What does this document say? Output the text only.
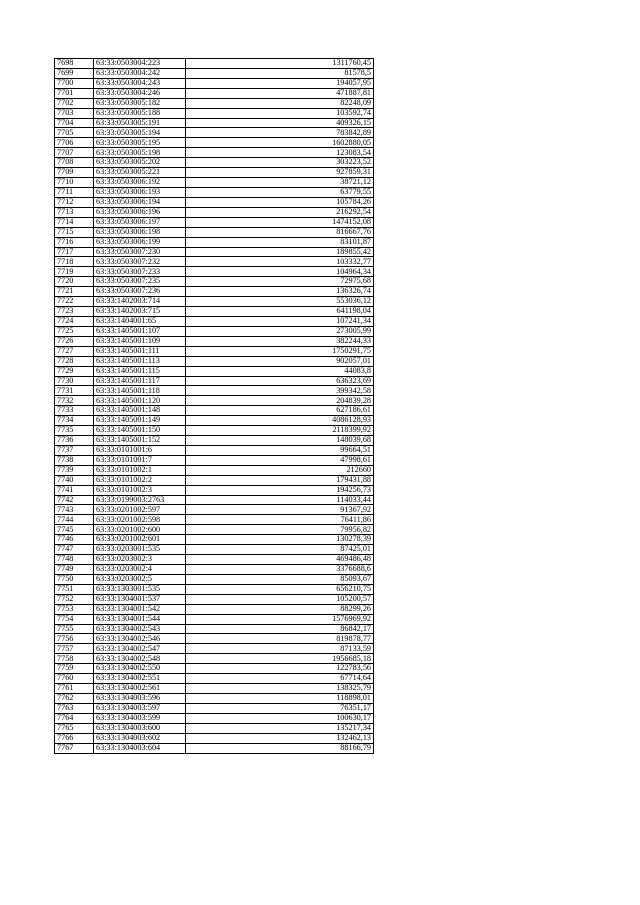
7698	63:33:0503004:223	1311760,45
7699	63:33:0503004:242	81578,5
7700	63:33:0503004:243	194057,95
7701	63:33:0503004:246	471887,81
7702	63:33:0503005:182	82248,09
7703	63:33:0503005:188	103592,74
7704	63:33:0503005:191	409326,15
7705	63:33:0503005:194	783842,89
7706	63:33:0503005:195	1602880,05
7707	63:33:0503005:198	123083,54
7708	63:33:0503005:202	303223,52
7709	63:33:0503005:221	927859,31
7710	63:33:0503006:192	38721,12
7711	63:33:0503006:193	63779,55
7712	63:33:0503006:194	105784,26
7713	63:33:0503006:196	216292,54
7714	63:33:0503006:197	1474152,08
7715	63:33:0503006:198	816667,76
7716	63:33:0503006:199	83101,87
7717	63:33:0503007:230	189855,42
7718	63:33:0503007:232	103332,77
7719	63:33:0503007:233	104964,34
7720	63:33:0503007:235	72975,68
7721	63:33:0503007:236	136326,74
7722	63:33:1402003:714	553036,12
7723	63:33:1402003:715	641198,04
7724	63:33:1404001:65	107241,34
7725	63:33:1405001:107	273005,99
7726	63:33:1405001:109	382244,33
7727	63:33:1405001:111	1750291,75
7728	63:33:1405001:113	902057,01
7729	63:33:1405001:115	44083,8
7730	63:33:1405001:117	636323,69
7731	63:33:1405001:118	399342,58
7732	63:33:1405001:120	204839,28
7733	63:33:1405001:148	627186,61
7734	63:33:1405001:149	4086128,93
7735	63:33:1405001:150	2118399,92
7736	63:33:1405001:152	148039,68
7737	63:33:0101001:6	99664,51
7738	63:33:0101001:7	47998,61
7739	63:33:0101002:1	212660
7740	63:33:0101002:2	179431,88
7741	63:33:0101002:3	194256,73
7742	63:33:0199003:2763	114033,44
7743	63:33:0201002:597	91367,92
7744	63:33:0201002:598	76411,86
7745	63:33:0201002:600	79956,82
7746	63:33:0201002:601	130278,39
7747	63:33:0203001:535	87425,01
7748	63:33:0203002:3	469486,48
7749	63:33:0203002:4	3376688,6
7750	63:33:0203002:5	85093,67
7751	63:33:1303001:535	656210,75
7752	63:33:1304001:537	105200,57
7753	63:33:1304001:542	88299,26
7754	63:33:1304001:544	1576969,92
7755	63:33:1304002:543	86842,17
7756	63:33:1304002:546	819878,77
7757	63:33:1304002:547	87133,59
7758	63:33:1304002:548	1956685,18
7759	63:33:1304002:550	122783,56
7760	63:33:1304002:551	67714,64
7761	63:33:1304002:561	138325,79
7762	63:33:1304003:596	118898,01
7763	63:33:1304003:597	76351,17
7764	63:33:1304003:599	100630,17
7765	63:33:1304003:600	135217,34
7766	63:33:1304003:602	132462,13
7767	63:33:1304003:604	88166,79
